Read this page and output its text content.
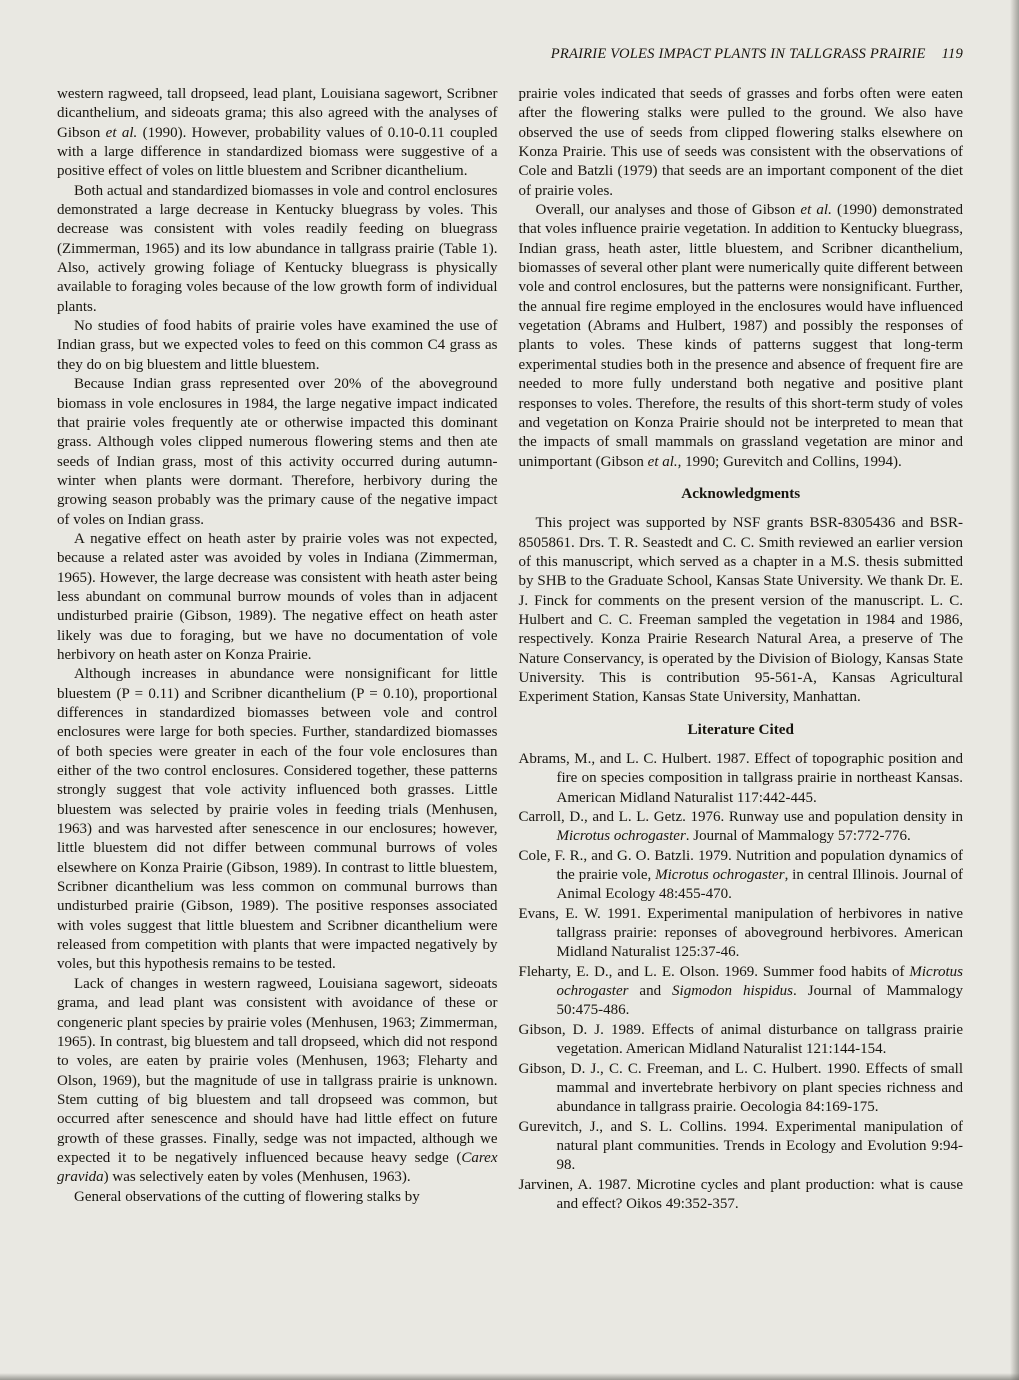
PRAIRIE VOLES IMPACT PLANTS IN TALLGRASS PRAIRIE 119

western ragweed, tall dropseed, lead plant, Louisiana sagewort, Scribner dicanthelium, and sideoats grama; this also agreed with the analyses of Gibson et al. (1990). However, probability values of 0.10-0.11 coupled with a large difference in standardized biomass were suggestive of a positive effect of voles on little bluestem and Scribner dicanthelium.

Both actual and standardized biomasses in vole and control enclosures demonstrated a large decrease in Kentucky bluegrass by voles. This decrease was consistent with voles readily feeding on bluegrass (Zimmerman, 1965) and its low abundance in tallgrass prairie (Table 1). Also, actively growing foliage of Kentucky bluegrass is physically available to foraging voles because of the low growth form of individual plants.

No studies of food habits of prairie voles have examined the use of Indian grass, but we expected voles to feed on this common C4 grass as they do on big bluestem and little bluestem.

Because Indian grass represented over 20% of the aboveground biomass in vole enclosures in 1984, the large negative impact indicated that prairie voles frequently ate or otherwise impacted this dominant grass. Although voles clipped numerous flowering stems and then ate seeds of Indian grass, most of this activity occurred during autumn-winter when plants were dormant. Therefore, herbivory during the growing season probably was the primary cause of the negative impact of voles on Indian grass.

A negative effect on heath aster by prairie voles was not expected, because a related aster was avoided by voles in Indiana (Zimmerman, 1965). However, the large decrease was consistent with heath aster being less abundant on communal burrow mounds of voles than in adjacent undisturbed prairie (Gibson, 1989). The negative effect on heath aster likely was due to foraging, but we have no documentation of vole herbivory on heath aster on Konza Prairie.

Although increases in abundance were nonsignificant for little bluestem (P = 0.11) and Scribner dicanthelium (P = 0.10), proportional differences in standardized biomasses between vole and control enclosures were large for both species. Further, standardized biomasses of both species were greater in each of the four vole enclosures than either of the two control enclosures. Considered together, these patterns strongly suggest that vole activity influenced both grasses. Little bluestem was selected by prairie voles in feeding trials (Menhusen, 1963) and was harvested after senescence in our enclosures; however, little bluestem did not differ between communal burrows of voles elsewhere on Konza Prairie (Gibson, 1989). In contrast to little bluestem, Scribner dicanthelium was less common on communal burrows than undisturbed prairie (Gibson, 1989). The positive responses associated with voles suggest that little bluestem and Scribner dicanthelium were released from competition with plants that were impacted negatively by voles, but this hypothesis remains to be tested.

Lack of changes in western ragweed, Louisiana sagewort, sideoats grama, and lead plant was consistent with avoidance of these or congeneric plant species by prairie voles (Menhusen, 1963; Zimmerman, 1965). In contrast, big bluestem and tall dropseed, which did not respond to voles, are eaten by prairie voles (Menhusen, 1963; Fleharty and Olson, 1969), but the magnitude of use in tallgrass prairie is unknown. Stem cutting of big bluestem and tall dropseed was common, but occurred after senescence and should have had little effect on future growth of these grasses. Finally, sedge was not impacted, although we expected it to be negatively influenced because heavy sedge (Carex gravida) was selectively eaten by voles (Menhusen, 1963).

General observations of the cutting of flowering stalks by

prairie voles indicated that seeds of grasses and forbs often were eaten after the flowering stalks were pulled to the ground. We also have observed the use of seeds from clipped flowering stalks elsewhere on Konza Prairie. This use of seeds was consistent with the observations of Cole and Batzli (1979) that seeds are an important component of the diet of prairie voles.

Overall, our analyses and those of Gibson et al. (1990) demonstrated that voles influence prairie vegetation. In addition to Kentucky bluegrass, Indian grass, heath aster, little bluestem, and Scribner dicanthelium, biomasses of several other plant were numerically quite different between vole and control enclosures, but the patterns were nonsignificant. Further, the annual fire regime employed in the enclosures would have influenced vegetation (Abrams and Hulbert, 1987) and possibly the responses of plants to voles. These kinds of patterns suggest that long-term experimental studies both in the presence and absence of frequent fire are needed to more fully understand both negative and positive plant responses to voles. Therefore, the results of this short-term study of voles and vegetation on Konza Prairie should not be interpreted to mean that the impacts of small mammals on grassland vegetation are minor and unimportant (Gibson et al., 1990; Gurevitch and Collins, 1994).

Acknowledgments

This project was supported by NSF grants BSR-8305436 and BSR-8505861. Drs. T. R. Seastedt and C. C. Smith reviewed an earlier version of this manuscript, which served as a chapter in a M.S. thesis submitted by SHB to the Graduate School, Kansas State University. We thank Dr. E. J. Finck for comments on the present version of the manuscript. L. C. Hulbert and C. C. Freeman sampled the vegetation in 1984 and 1986, respectively. Konza Prairie Research Natural Area, a preserve of The Nature Conservancy, is operated by the Division of Biology, Kansas State University. This is contribution 95-561-A, Kansas Agricultural Experiment Station, Kansas State University, Manhattan.

Literature Cited

Abrams, M., and L. C. Hulbert. 1987. Effect of topographic position and fire on species composition in tallgrass prairie in northeast Kansas. American Midland Naturalist 117:442-445.

Carroll, D., and L. L. Getz. 1976. Runway use and population density in Microtus ochrogaster. Journal of Mammalogy 57:772-776.

Cole, F. R., and G. O. Batzli. 1979. Nutrition and population dynamics of the prairie vole, Microtus ochrogaster, in central Illinois. Journal of Animal Ecology 48:455-470.

Evans, E. W. 1991. Experimental manipulation of herbivores in native tallgrass prairie: reponses of aboveground herbivores. American Midland Naturalist 125:37-46.

Fleharty, E. D., and L. E. Olson. 1969. Summer food habits of Microtus ochrogaster and Sigmodon hispidus. Journal of Mammalogy 50:475-486.

Gibson, D. J. 1989. Effects of animal disturbance on tallgrass prairie vegetation. American Midland Naturalist 121:144-154.

Gibson, D. J., C. C. Freeman, and L. C. Hulbert. 1990. Effects of small mammal and invertebrate herbivory on plant species richness and abundance in tallgrass prairie. Oecologia 84:169-175.

Gurevitch, J., and S. L. Collins. 1994. Experimental manipulation of natural plant communities. Trends in Ecology and Evolution 9:94-98.

Jarvinen, A. 1987. Microtine cycles and plant production: what is cause and effect? Oikos 49:352-357.
